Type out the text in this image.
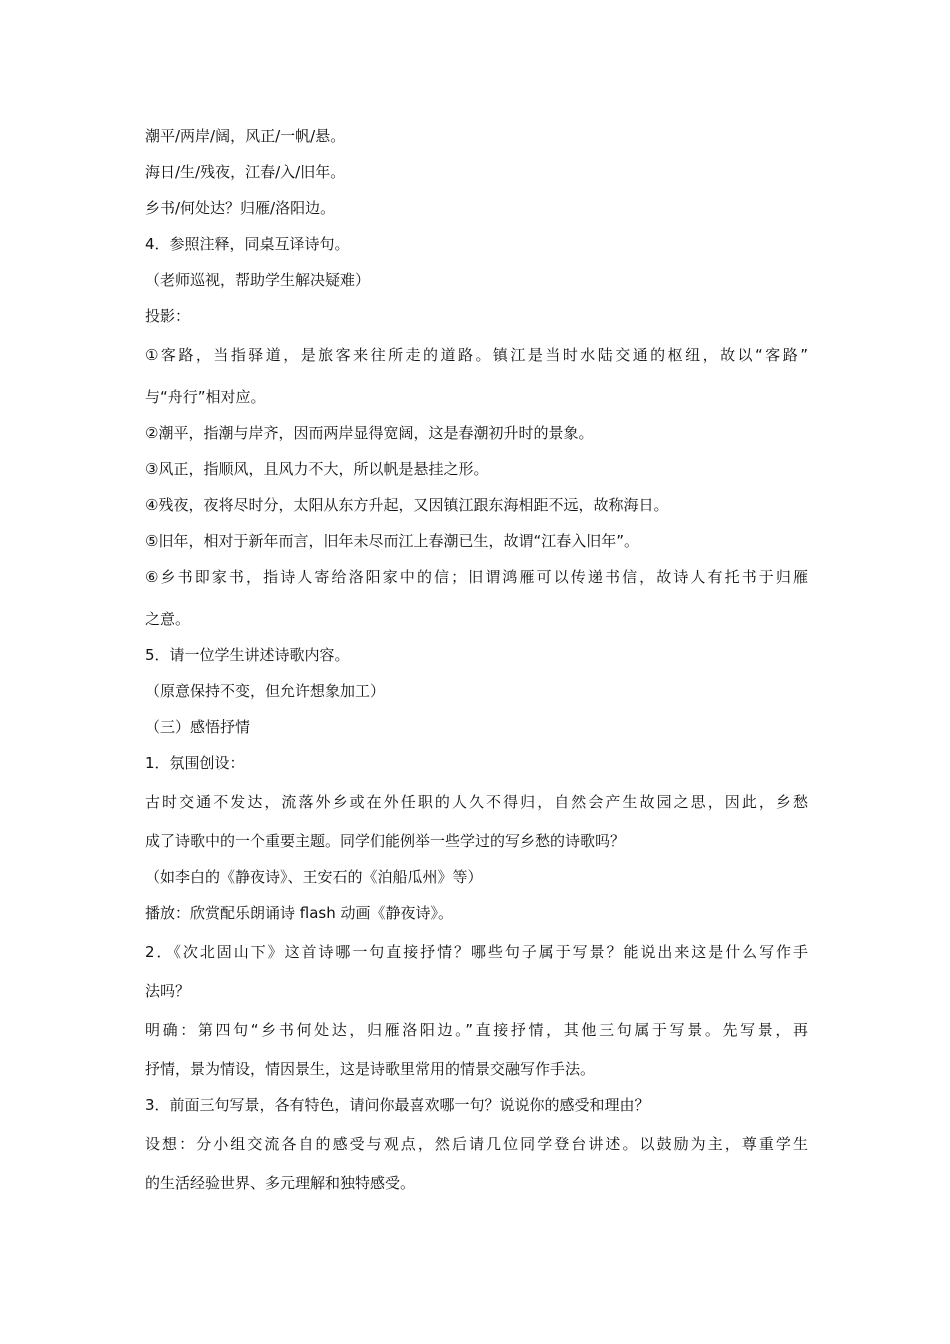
潮平/两岸/阔，风正/一帆/悬。
海日/生/残夜，江春/入/旧年。
乡书/何处达？归雁/洛阳边。
4．参照注释，同桌互译诗句。
（老师巡视，帮助学生解决疑难）
投影：
①客路，当指驿道，是旅客来往所走的道路。镇江是当时水陆交通的枢纽，故以“客路”
与“舟行”相对应。
②潮平，指潮与岸齐，因而两岸显得宽阔，这是春潮初升时的景象。
③风正，指顺风，且风力不大，所以帆是悬挂之形。
④残夜，夜将尽时分，太阳从东方升起，又因镇江跟东海相距不远，故称海日。
⑤旧年，相对于新年而言，旧年未尽而江上春潮已生，故谓“江春入旧年”。
⑥乡书即家书，指诗人寄给洛阳家中的信；旧谓鸿雁可以传递书信，故诗人有托书于归雁
之意。
5．请一位学生讲述诗歌内容。
（原意保持不变，但允许想象加工）
（三）感悟抒情
1．氛围创设：
古时交通不发达，流落外乡或在外任职的人久不得归，自然会产生故园之思，因此，乡愁
成了诗歌中的一个重要主题。同学们能例举一些学过的写乡愁的诗歌吗？
（如李白的《静夜诗》、王安石的《泊船瓜州》等）
播放：欣赏配乐朗诵诗 flash 动画《静夜诗》。
2．《次北固山下》这首诗哪一句直接抒情？哪些句子属于写景？能说出来这是什么写作手
法吗？
明确：第四句“乡书何处达，归雁洛阳边。”直接抒情，其他三句属于写景。先写景，再
抒情，景为情设，情因景生，这是诗歌里常用的情景交融写作手法。
3．前面三句写景，各有特色，请问你最喜欢哪一句？说说你的感受和理由？
设想：分小组交流各自的感受与观点，然后请几位同学登台讲述。以鼓励为主，尊重学生
的生活经验世界、多元理解和独特感受。
